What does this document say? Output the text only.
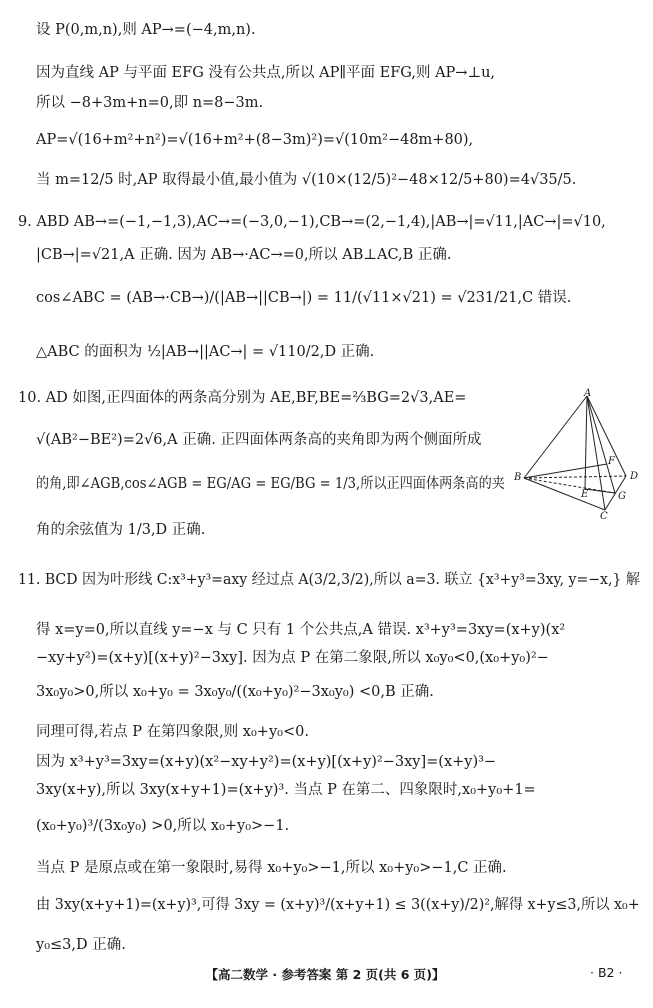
设 P(0,m,n),则 AP→=(−4,m,n).
因为直线 AP 与平面 EFG 没有公共点,所以 AP∥平面 EFG,则 AP→⊥u,
所以 −8+3m+n=0,即 n=8−3m.
AP=√(16+m²+n²)=√(16+m²+(8−3m)²)=√(10m²−48m+80),
当 m=12/5 时,AP 取得最小值,最小值为 √(10×(12/5)²−48×12/5+80)=4√35/5.
9. ABD AB→=(−1,−1,3),AC→=(−3,0,−1),CB→=(2,−1,4),|AB→|=√11,|AC→|=√10,
|CB→|=√21,A 正确. 因为 AB→·AC→=0,所以 AB⊥AC,B 正确.
cos∠ABC = (AB→·CB→)/(|AB→||CB→|) = 11/(√11×√21) = √231/21,C 错误.
△ABC 的面积为 ½|AB→||AC→| = √110/2,D 正确.
10. AD 如图,正四面体的两条高分别为 AE,BF,BE=⅔BG=2√3,AE=
√(AB²−BE²)=2√6,A 正确. 正四面体两条高的夹角即为两个侧面所成
的角,即∠AGB,cos∠AGB = EG/AG = EG/BG = 1/3,所以正四面体两条高的夹
角的余弦值为 1/3,D 正确.
11. BCD 因为叶形线 C:x³+y³=axy 经过点 A(3/2,3/2),所以 a=3. 联立 {x³+y³=3xy, y=−x,} 解
得 x=y=0,所以直线 y=−x 与 C 只有 1 个公共点,A 错误. x³+y³=3xy=(x+y)(x²
−xy+y²)=(x+y)[(x+y)²−3xy]. 因为点 P 在第二象限,所以 x₀y₀<0,(x₀+y₀)²−
3x₀y₀>0,所以 x₀+y₀ = 3x₀y₀/((x₀+y₀)²−3x₀y₀) <0,B 正确.
同理可得,若点 P 在第四象限,则 x₀+y₀<0.
因为 x³+y³=3xy=(x+y)(x²−xy+y²)=(x+y)[(x+y)²−3xy]=(x+y)³−
3xy(x+y),所以 3xy(x+y+1)=(x+y)³. 当点 P 在第二、四象限时,x₀+y₀+1=
(x₀+y₀)³/(3x₀y₀) >0,所以 x₀+y₀>−1.
当点 P 是原点或在第一象限时,易得 x₀+y₀>−1,所以 x₀+y₀>−1,C 正确.
由 3xy(x+y+1)=(x+y)³,可得 3xy = (x+y)³/(x+y+1) ≤ 3((x+y)/2)²,解得 x+y≤3,所以 x₀+
y₀≤3,D 正确.
A
B
C
D
E
F
G
【高二数学 · 参考答案 第 2 页(共 6 页)】	· B2 ·
